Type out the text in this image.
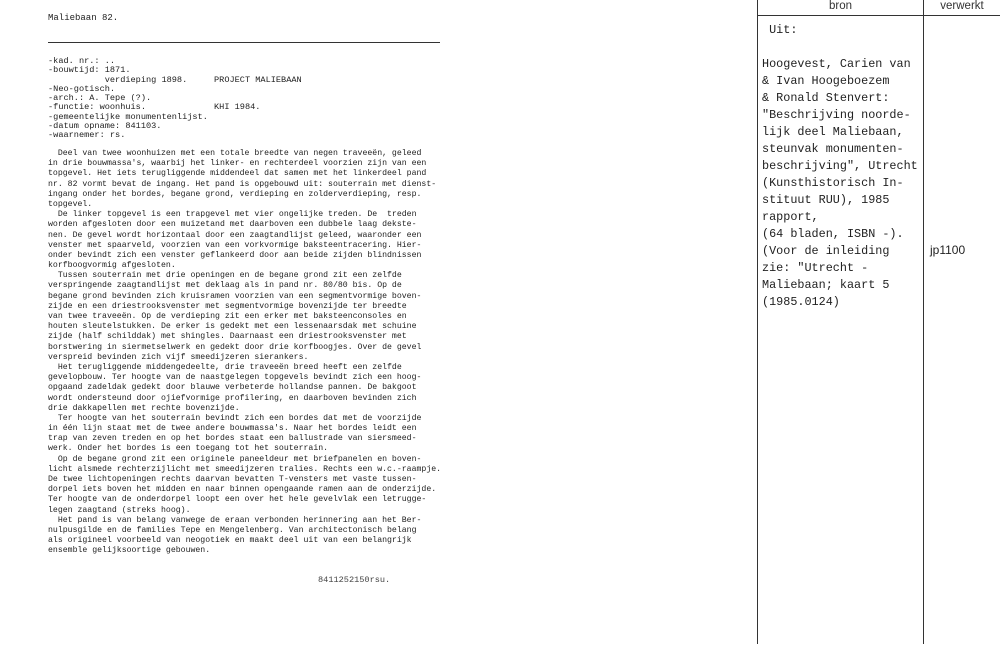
Maliebaan 82.
-kad. nr.: ..
-bouwtijd: 1871.
verdieping 1898.
-Neo-gotisch.
-arch.: A. Tepe (?).
-functie: woonhuis.
-gemeentelijke monumentenlijst.
-datum opname: 841103.
-waarnemer: rs.

PROJECT MALIEBAAN

KHI 1984.

Deel van twee woonhuizen met een totale breedte van negen traveeën, geleed
in drie bouwmassa's, waarbij het linker- en rechterdeel voorzien zijn van een
topgevel. Het iets terugliggende middendeel dat samen met het linkerdeel pand
nr. 82 vormt bevat de ingang. Het pand is opgebouwd uit: souterrain met dienst-
ingang onder het bordes, begane grond, verdieping en zolderverdieping, resp.
topgevel.

De linker topgevel is een trapgevel met vier ongelijke treden. De  treden
worden afgesloten door een muizetand met daarboven een dubbele laag dekste-
nen. De gevel wordt horizontaal door een zaagtandlijst geleed, waaronder een
venster met spaarveld, voorzien van een vorkvormige baksteentracering. Hier-
onder bevindt zich een venster geflankeerd door aan beide zijden blindnissen
korfboogvormig afgesloten.

Tussen souterrain met drie openingen en de begane grond zit een zelfde
verspringende zaagtandlijst met deklaag als in pand nr. 80/80 bis. Op de
begane grond bevinden zich kruisramen voorzien van een segmentvormige boven-
zijde en een driestrooksvenster met segmentvormige bovenzijde ter breedte
van twee traveeën. Op de verdieping zit een erker met baksteenconsoles en
houten sleutelstukken. De erker is gedekt met een lessenaarsdak met schuine
zijde (half schilddak) met shingles. Daarnaast een driestrooksvenster met
borstwering in siermetselwerk en gedekt door drie korfboogjes. Over de gevel
verspreid bevinden zich vijf smeedijzeren sierankers.

Het terugliggende middengedeelte, drie traveeën breed heeft een zelfde
gevelopbouw. Ter hoogte van de naastgelegen topgevels bevindt zich een hoog-
opgaand zadeldak gedekt door blauwe verbeterde hollandse pannen. De bakgoot
wordt ondersteund door ojiefvormige profilering, en daarboven bevinden zich
drie dakkapellen met rechte bovenzijde.

Ter hoogte van het souterrain bevindt zich een bordes dat met de voorzijde
in één lijn staat met de twee andere bouwmassa's. Naar het bordes leidt een
trap van zeven treden en op het bordes staat een ballustrade van siersmeed-
werk. Onder het bordes is een toegang tot het souterrain.

Op de begane grond zit een originele paneeldeur met briefpanelen en boven-
licht alsmede rechterzijlicht met smeedijzeren tralies. Rechts een w.c.-raampje.
De twee lichtopeningen rechts daarvan bevatten T-vensters met vaste tussen-
dorpel iets boven het midden en naar binnen opengaande ramen aan de onderzijde.
Ter hoogte van de onderdorpel loopt een over het hele gevelvlak een letrugge-
legen zaagtand (streks hoog).

Het pand is van belang vanwege de eraan verbonden herinnering aan het Ber-
nulpusgilde en de families Tepe en Mengelenberg. Van architectonisch belang
als origineel voorbeeld van neogotiek en maakt deel uit van een belangrijk
ensemble gelijksoortige gebouwen.

8411252150rsu.
bron	verwerkt
Uit:

Hoogevest, Carien van
& Ivan Hoogeboezem
& Ronald Stenvert:
"Beschrijving noorde-
lijk deel Maliebaan,
steunvak monumenten-
beschrijving", Utrecht
(Kunsthistorisch In-
stituut RUU), 1985
rapport,
(64 bladen, ISBN -).
(Voor de inleiding
zie: "Utrecht -
Maliebaan; kaart 5
(1985.0124)
jp1100
